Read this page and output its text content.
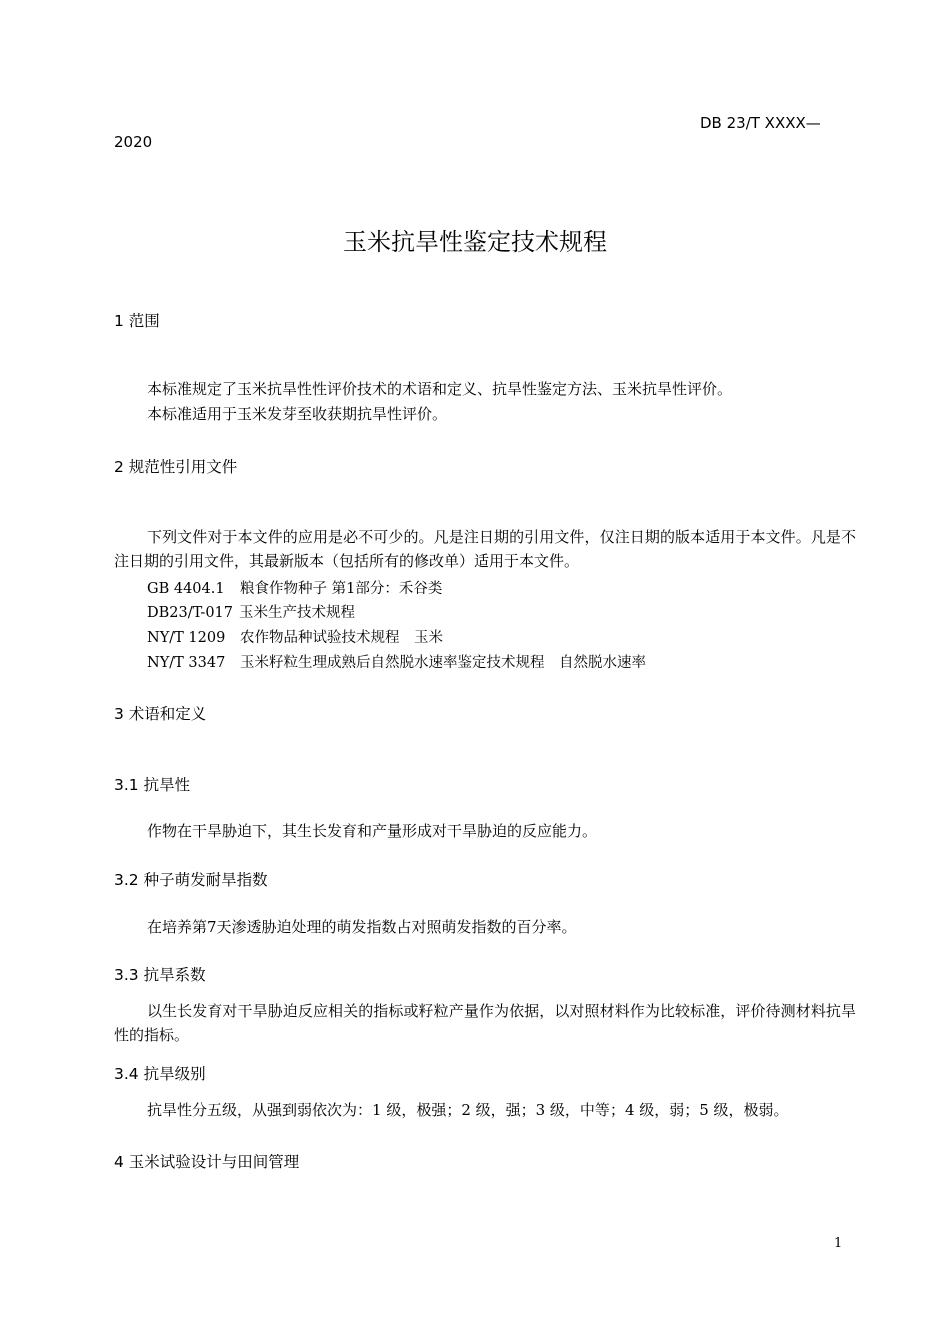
DB 23/T XXXX—
2020
玉米抗旱性鉴定技术规程
1 范围
本标准规定了玉米抗旱性性评价技术的术语和定义、抗旱性鉴定方法、玉米抗旱性评价。
本标准适用于玉米发芽至收获期抗旱性评价。
2 规范性引用文件
下列文件对于本文件的应用是必不可少的。凡是注日期的引用文件，仅注日期的版本适用于本文件。凡是不注日期的引用文件，其最新版本（包括所有的修改单）适用于本文件。
GB 4404.1 粮食作物种子 第1部分：禾谷类
DB23/T-017 玉米生产技术规程
NY/T 1209 农作物品种试验技术规程　玉米
NY/T 3347 玉米籽粒生理成熟后自然脱水速率鉴定技术规程　自然脱水速率
3 术语和定义
3.1 抗旱性
作物在干旱胁迫下，其生长发育和产量形成对干旱胁迫的反应能力。
3.2 种子萌发耐旱指数
在培养第7天渗透胁迫处理的萌发指数占对照萌发指数的百分率。
3.3 抗旱系数
以生长发育对干旱胁迫反应相关的指标或籽粒产量作为依据，以对照材料作为比较标准，评价待测材料抗旱性的指标。
3.4 抗旱级别
抗旱性分五级，从强到弱依次为：1 级，极强；2 级，强；3 级，中等；4 级，弱；5 级，极弱。
4 玉米试验设计与田间管理
1
